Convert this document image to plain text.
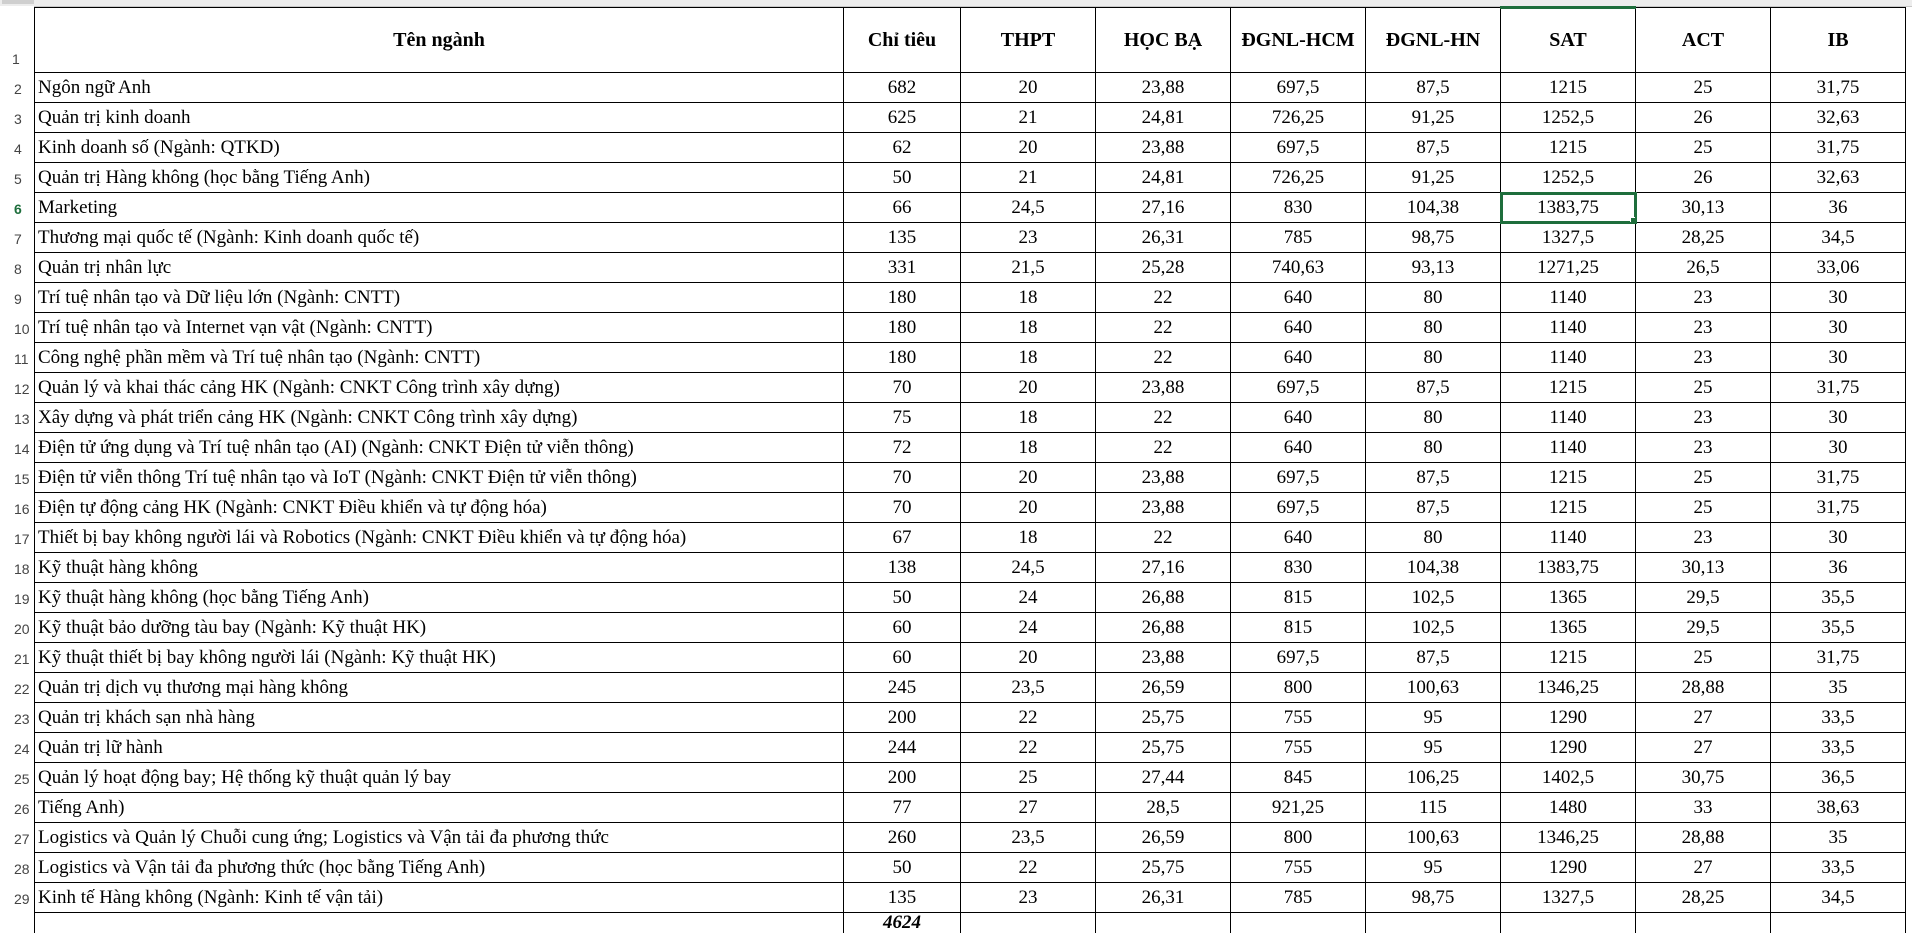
1
2
3
4
5
6
7
8
9
10
11
12
13
14
15
16
17
18
19
20
21
22
23
24
25
26
27
28
29
Tên ngành	Chỉ tiêu	THPT	HỌC BẠ	ĐGNL-HCM	ĐGNL-HN	SAT	ACT	IB
Ngôn ngữ Anh	682	20	23,88	697,5	87,5	1215	25	31,75
Quản trị kinh doanh	625	21	24,81	726,25	91,25	1252,5	26	32,63
Kinh doanh số (Ngành: QTKD)	62	20	23,88	697,5	87,5	1215	25	31,75
Quản trị Hàng không (học bằng Tiếng Anh)	50	21	24,81	726,25	91,25	1252,5	26	32,63
Marketing	66	24,5	27,16	830	104,38	1383,75	30,13	36
Thương mại quốc tế (Ngành: Kinh doanh quốc tế)	135	23	26,31	785	98,75	1327,5	28,25	34,5
Quản trị nhân lực	331	21,5	25,28	740,63	93,13	1271,25	26,5	33,06
Trí tuệ nhân tạo và Dữ liệu lớn (Ngành: CNTT)	180	18	22	640	80	1140	23	30
Trí tuệ nhân tạo và Internet vạn vật (Ngành: CNTT)	180	18	22	640	80	1140	23	30
Công nghệ phần mềm và Trí tuệ nhân tạo (Ngành: CNTT)	180	18	22	640	80	1140	23	30
Quản lý và khai thác cảng HK (Ngành: CNKT Công trình xây dựng)	70	20	23,88	697,5	87,5	1215	25	31,75
Xây dựng và phát triển cảng HK (Ngành: CNKT Công trình xây dựng)	75	18	22	640	80	1140	23	30
Điện tử ứng dụng và Trí tuệ nhân tạo (AI) (Ngành: CNKT Điện tử viễn thông)	72	18	22	640	80	1140	23	30
Điện tử viễn thông Trí tuệ nhân tạo và IoT (Ngành: CNKT Điện tử viễn thông)	70	20	23,88	697,5	87,5	1215	25	31,75
Điện tự động cảng HK (Ngành: CNKT Điều khiển và tự động hóa)	70	20	23,88	697,5	87,5	1215	25	31,75
Thiết bị bay không người lái và Robotics (Ngành: CNKT Điều khiển và tự động hóa)	67	18	22	640	80	1140	23	30
Kỹ thuật hàng không	138	24,5	27,16	830	104,38	1383,75	30,13	36
Kỹ thuật hàng không (học bằng Tiếng Anh)	50	24	26,88	815	102,5	1365	29,5	35,5
Kỹ thuật bảo dưỡng tàu bay (Ngành: Kỹ thuật HK)	60	24	26,88	815	102,5	1365	29,5	35,5
Kỹ thuật thiết bị bay không người lái (Ngành: Kỹ thuật HK)	60	20	23,88	697,5	87,5	1215	25	31,75
Quản trị dịch vụ thương mại hàng không	245	23,5	26,59	800	100,63	1346,25	28,88	35
Quản trị khách sạn nhà hàng	200	22	25,75	755	95	1290	27	33,5
Quản trị lữ hành	244	22	25,75	755	95	1290	27	33,5
Quản lý hoạt động bay; Hệ thống kỹ thuật quản lý bay	200	25	27,44	845	106,25	1402,5	30,75	36,5
Tiếng Anh)	77	27	28,5	921,25	115	1480	33	38,63
Logistics và Quản lý Chuỗi cung ứng; Logistics và Vận tải đa phương thức	260	23,5	26,59	800	100,63	1346,25	28,88	35
Logistics và Vận tải đa phương thức (học bằng Tiếng Anh)	50	22	25,75	755	95	1290	27	33,5
Kinh tế Hàng không (Ngành: Kinh tế vận tải)	135	23	26,31	785	98,75	1327,5	28,25	34,5
	4624							
